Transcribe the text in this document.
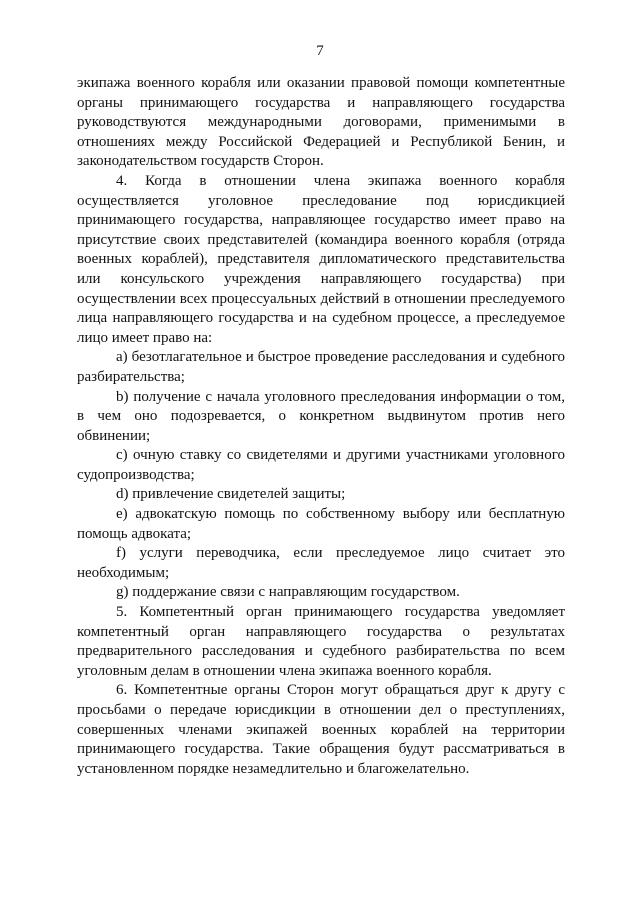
7

экипажа военного корабля или оказании правовой помощи компетентные органы принимающего государства и направляющего государства руководствуются международными договорами, применимыми в отношениях между Российской Федерацией и Республикой Бенин, и законодательством государств Сторон.

4. Когда в отношении члена экипажа военного корабля осуществляется уголовное преследование под юрисдикцией принимающего государства, направляющее государство имеет право на присутствие своих представителей (командира военного корабля (отряда военных кораблей), представителя дипломатического представительства или консульского учреждения направляющего государства) при осуществлении всех процессуальных действий в отношении преследуемого лица направляющего государства и на судебном процессе, а преследуемое лицо имеет право на:

a) безотлагательное и быстрое проведение расследования и судебного разбирательства;

b) получение с начала уголовного преследования информации о том, в чем оно подозревается, о конкретном выдвинутом против него обвинении;

c) очную ставку со свидетелями и другими участниками уголовного судопроизводства;

d) привлечение свидетелей защиты;

e) адвокатскую помощь по собственному выбору или бесплатную помощь адвоката;

f) услуги переводчика, если преследуемое лицо считает это необходимым;

g) поддержание связи с направляющим государством.

5. Компетентный орган принимающего государства уведомляет компетентный орган направляющего государства о результатах предварительного расследования и судебного разбирательства по всем уголовным делам в отношении члена экипажа военного корабля.

6. Компетентные органы Сторон могут обращаться друг к другу с просьбами о передаче юрисдикции в отношении дел о преступлениях, совершенных членами экипажей военных кораблей на территории принимающего государства. Такие обращения будут рассматриваться в установленном порядке незамедлительно и благожелательно.
